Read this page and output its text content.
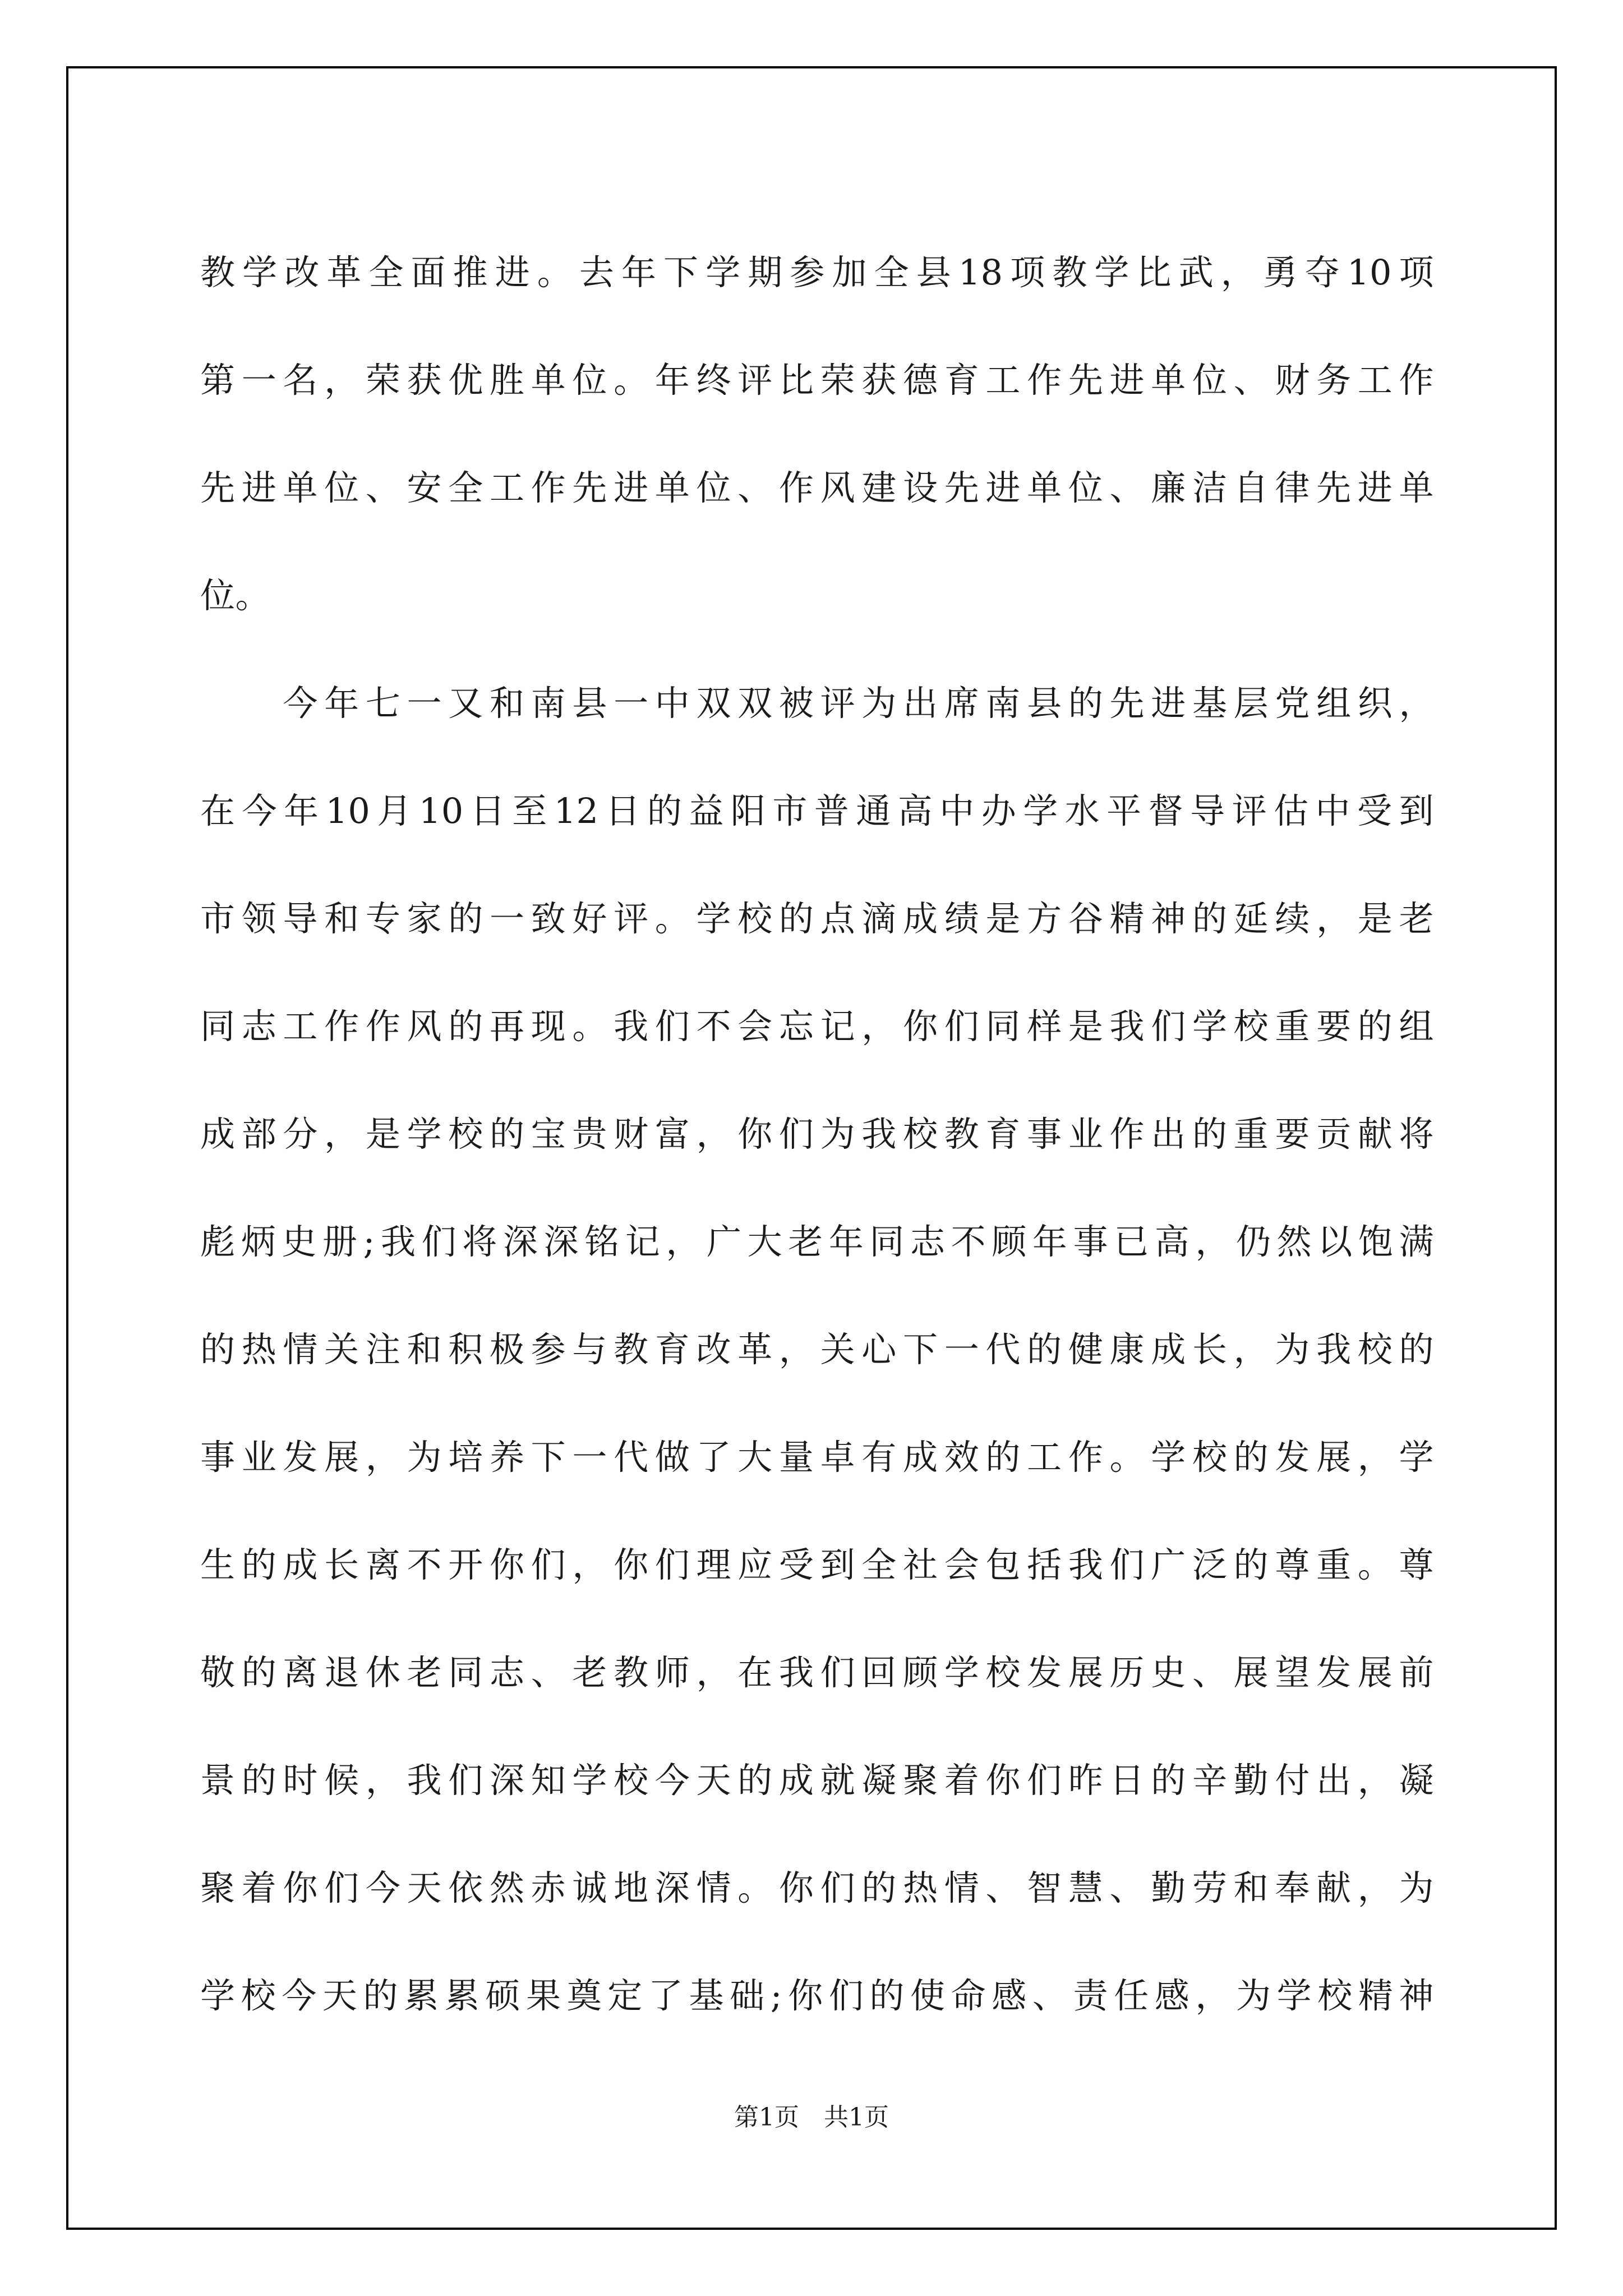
教学改革全面推进。去年下学期参加全县18项教学比武，勇夺10项
第一名，荣获优胜单位。年终评比荣获德育工作先进单位、财务工作
先进单位、安全工作先进单位、作风建设先进单位、廉洁自律先进单
位。
　　今年七一又和南县一中双双被评为出席南县的先进基层党组织，
在今年10月10日至12日的益阳市普通高中办学水平督导评估中受到
市领导和专家的一致好评。学校的点滴成绩是方谷精神的延续，是老
同志工作作风的再现。我们不会忘记，你们同样是我们学校重要的组
成部分，是学校的宝贵财富，你们为我校教育事业作出的重要贡献将
彪炳史册;我们将深深铭记，广大老年同志不顾年事已高，仍然以饱满
的热情关注和积极参与教育改革，关心下一代的健康成长，为我校的
事业发展，为培养下一代做了大量卓有成效的工作。学校的发展，学
生的成长离不开你们，你们理应受到全社会包括我们广泛的尊重。尊
敬的离退休老同志、老教师，在我们回顾学校发展历史、展望发展前
景的时候，我们深知学校今天的成就凝聚着你们昨日的辛勤付出，凝
聚着你们今天依然赤诚地深情。你们的热情、智慧、勤劳和奉献，为
学校今天的累累硕果奠定了基础;你们的使命感、责任感，为学校精神
第1页　共1页
